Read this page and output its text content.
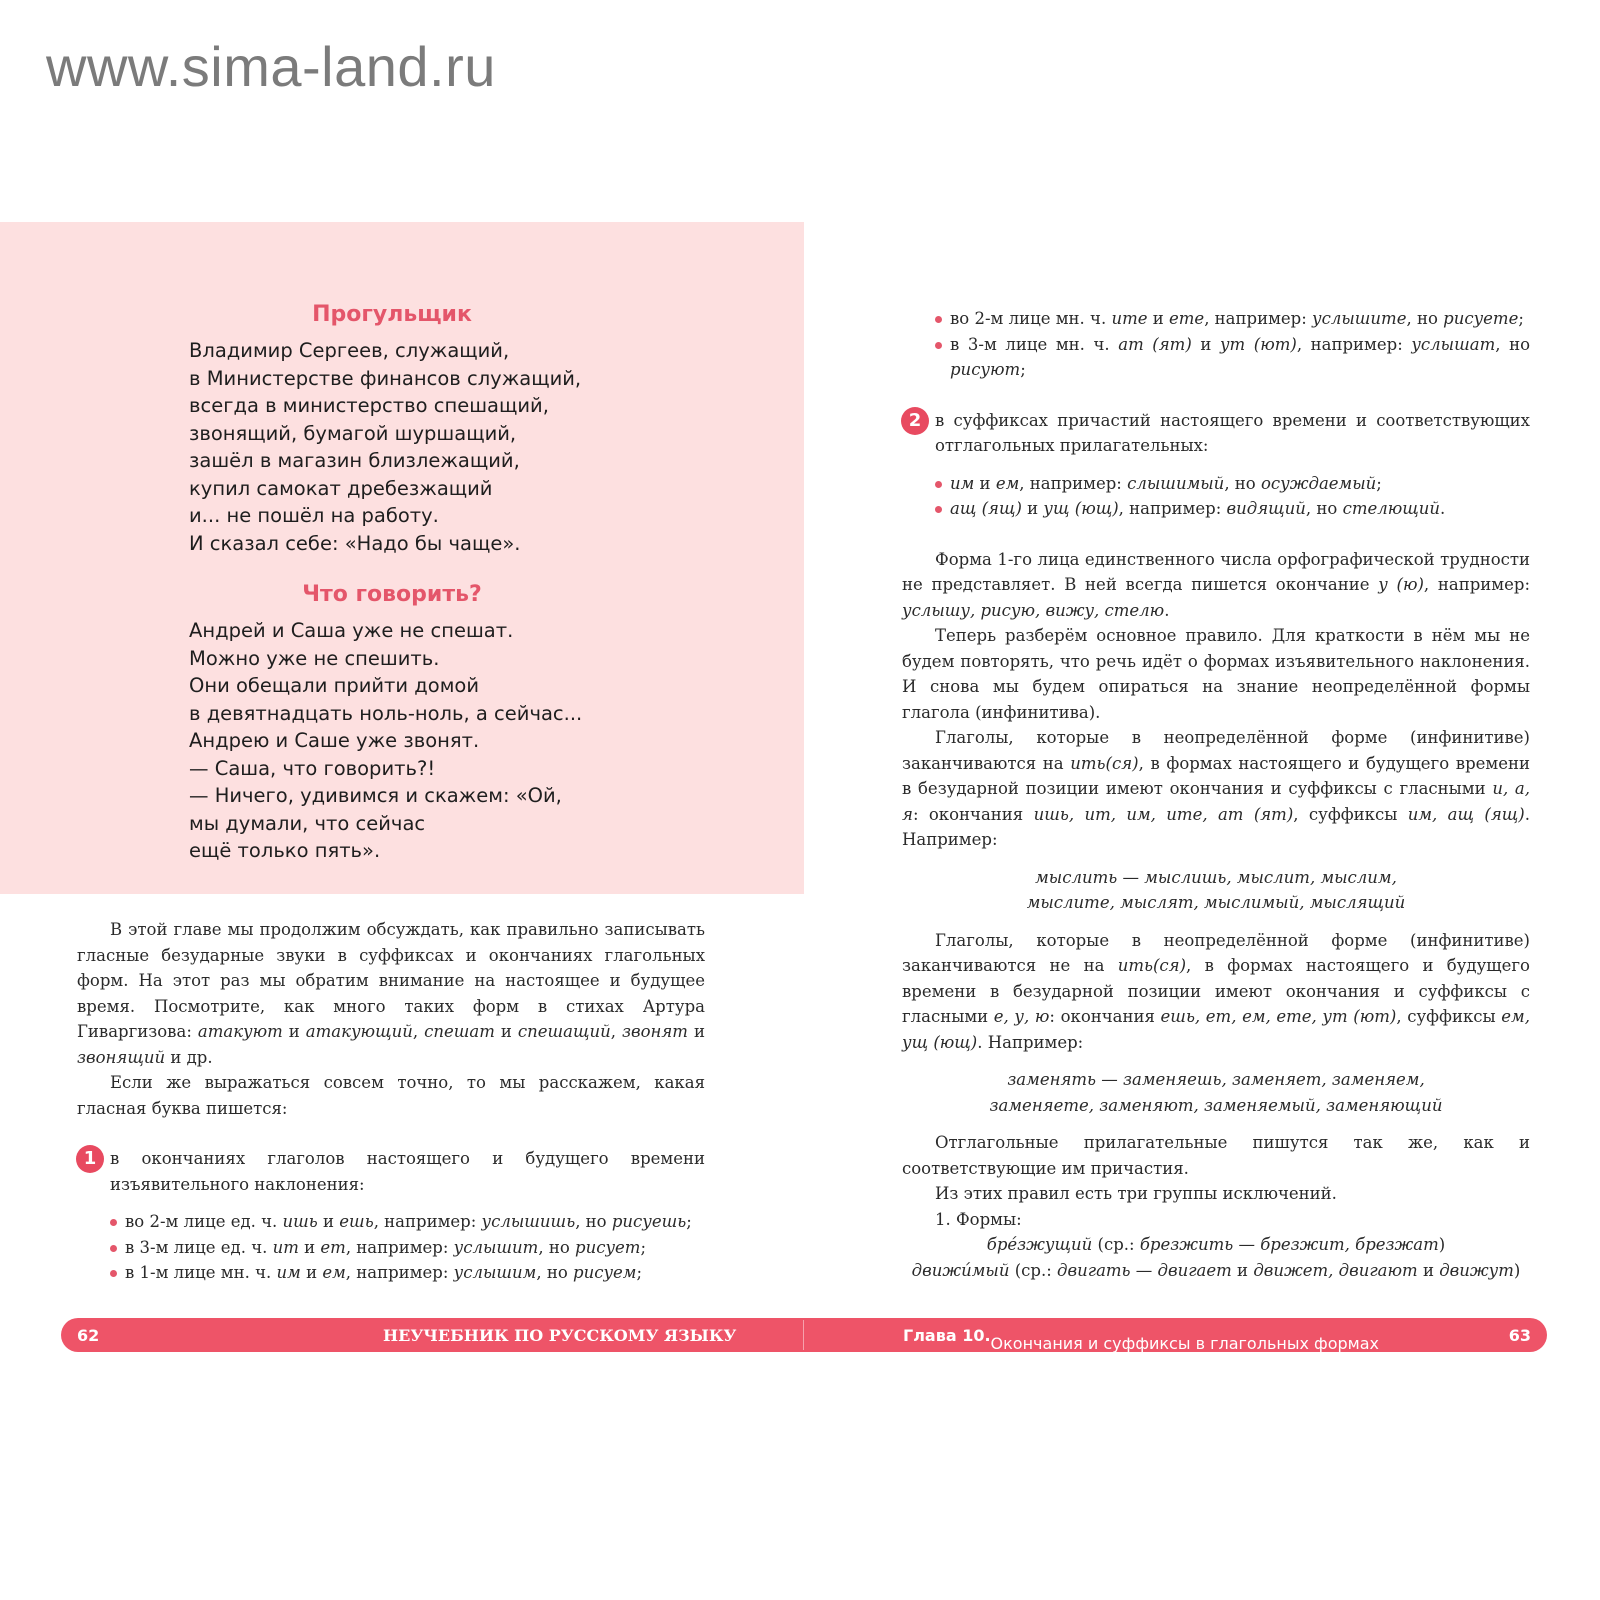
www.sima-land.ru
Прогульщик
Владимир Сергеев, служащий,
в Министерстве финансов служащий,
всегда в министерство спешащий,
звонящий, бумагой шуршащий,
зашёл в магазин близлежащий,
купил самокат дребезжащий
и... не пошёл на работу.
И сказал себе: «Надо бы чаще».
Что говорить?
Андрей и Саша уже не спешат.
Можно уже не спешить.
Они обещали прийти домой
в девятнадцать ноль-ноль, а сейчас...
Андрею и Саше уже звонят.
— Саша, что говорить?!
— Ничего, удивимся и скажем: «Ой,
мы думали, что сейчас
ещё только пять».

В этой главе мы продолжим обсуждать, как правильно записывать гласные безударные звуки в суффиксах и окончаниях глагольных форм. На этот раз мы обратим внимание на настоящее и будущее время. Посмотрите, как много таких форм в стихах Артура Гиваргизова: атакуют и атакующий, спешат и спешащий, звонят и звонящий и др.

Если же выражаться совсем точно, то мы расскажем, какая гласная буква пишется:

1 в окончаниях глаголов настоящего и будущего времени изъявительного наклонения:
во 2-м лице ед. ч. ишь и ешь, например: услышишь, но рисуешь;
в 3-м лице ед. ч. ит и ет, например: услышит, но рисует;
в 1-м лице мн. ч. им и ем, например: услышим, но рисуем;
во 2-м лице мн. ч. ите и ете, например: услышите, но рисуете;
в 3-м лице мн. ч. ат (ят) и ут (ют), например: услышат, но рисуют;
2 в суффиксах причастий настоящего времени и соответствующих отглагольных прилагательных:
им и ем, например: слышимый, но осуждаемый;
ащ (ящ) и ущ (ющ), например: видящий, но стелющий.

Форма 1-го лица единственного числа орфографической трудности не представляет. В ней всегда пишется окончание у (ю), например: услышу, рисую, вижу, стелю.

Теперь разберём основное правило. Для краткости в нём мы не будем повторять, что речь идёт о формах изъявительного наклонения. И снова мы будем опираться на знание неопределённой формы глагола (инфинитива).

Глаголы, которые в неопределённой форме (инфинитиве) заканчиваются на ить(ся), в формах настоящего и будущего времени в безударной позиции имеют окончания и суффиксы с гласными и, а, я: окончания ишь, ит, им, ите, ат (ят), суффиксы им, ащ (ящ). Например:

мыслить — мыслишь, мыслит, мыслим,
мыслите, мыслят, мыслимый, мыслящий

Глаголы, которые в неопределённой форме (инфинитиве) заканчиваются не на ить(ся), в формах настоящего и будущего времени в безударной позиции имеют окончания и суффиксы с гласными е, у, ю: окончания ешь, ет, ем, ете, ут (ют), суффиксы ем, ущ (ющ). Например:

заменять — заменяешь, заменяет, заменяем,
заменяете, заменяют, заменяемый, заменяющий

Отглагольные прилагательные пишутся так же, как и соответствующие им причастия.

Из этих правил есть три группы исключений.

1. Формы:

брéзжущий (ср.: брезжить — брезжит, брезжат)
движúмый (ср.: двигать — двигает и движет, двигают и движут)
62	НЕУЧЕБНИК ПО РУССКОМУ ЯЗЫКУ	Глава 10. Окончания и суффиксы в глагольных формах	63
